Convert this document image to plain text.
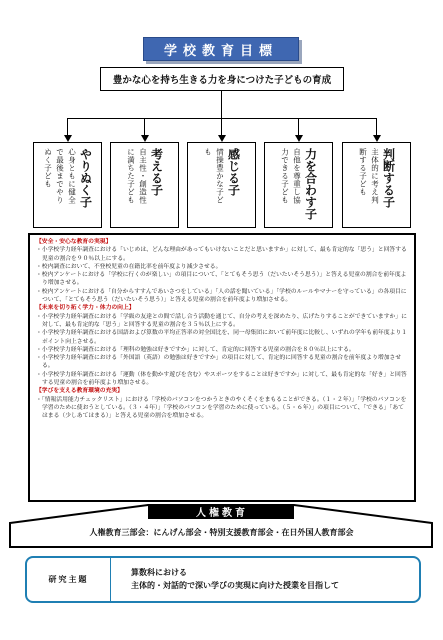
学校教育目標
豊かな心を持ち生きる力を身につけた子どもの育成
やりぬく子
心身ともに健全
で最後までやり
ぬく子ども	考える子
自主性・創造性
に満ちた子ども	感じる子
情操豊かな子ど
も	力を合わす子
自他を尊重し協
力できる子ども	判断する子
主体的に考え判
断する子ども
【安全・安心な教育の実現】
・小学校学力経年調査における「いじめは、どんな理由があってもいけないことだと思いますか」に対して、最も肯定的な「思う」と回答する児童の割合を９０％以上にする。
・校内調査において、不登校児童の在籍比率を前年度より減少させる。
・校内アンケートにおける「学校に行くのが楽しい」の項目について、「とてもそう思う（だいたいそう思う）」と答える児童の割合を前年度より増加させる。
・校内アンケートにおける「自分からすすんであいさつをしている」「人の話を聞いている」「学校のルールやマナーを守っている」の各項目について、「とてもそう思う（だいたいそう思う）」と答える児童の割合を前年度より増加させる。
【未来を切り拓く学力・体力の向上】
・小学校学力経年調査における「学級の友達との間で話し合う活動を通じて、自分の考えを深めたり、広げたりすることができていますか」に対して、最も肯定的な「思う」と回答する児童の割合を３５％以上にする。
・小学校学力経年調査における国語および算数の平均正答率の対全国比を、同一母集団において前年度に比較し、いずれの学年も前年度より１ポイント向上させる。
・小学校学力経年調査における「理科の勉強は好きですか」に対して、肯定的に回答する児童の割合を８０％以上にする。
・小学校学力経年調査における「外国語（英語）の勉強は好きですか」の項目に対して、肯定的に回答する児童の割合を前年度より増加させる。
・小学校学力経年調査における「運動（体を動かす遊びを含む）やスポーツをすることは好きですか」に対して、最も肯定的な「好き」と回答する児童の割合を前年度より増加させる。
【学びを支える教育環境の充実】
・「情報活用能力チェックリスト」における「学校のパソコンをつかうときのやくそくをまもることができる。（１・２年）」「学校のパソコンを学習のために使おうとしている。（３・４年）」「学校のパソコンを学習のために使っている。（５・６年）」の項目について、「できる」「あてはまる（少しあてはまる）」と答える児童の割合を増加させる。
人権教育
人権教育三部会：にんげん部会・特別支援教育部会・在日外国人教育部会
研究主題
算数科における
主体的・対話的で深い学びの実現に向けた授業を目指して
